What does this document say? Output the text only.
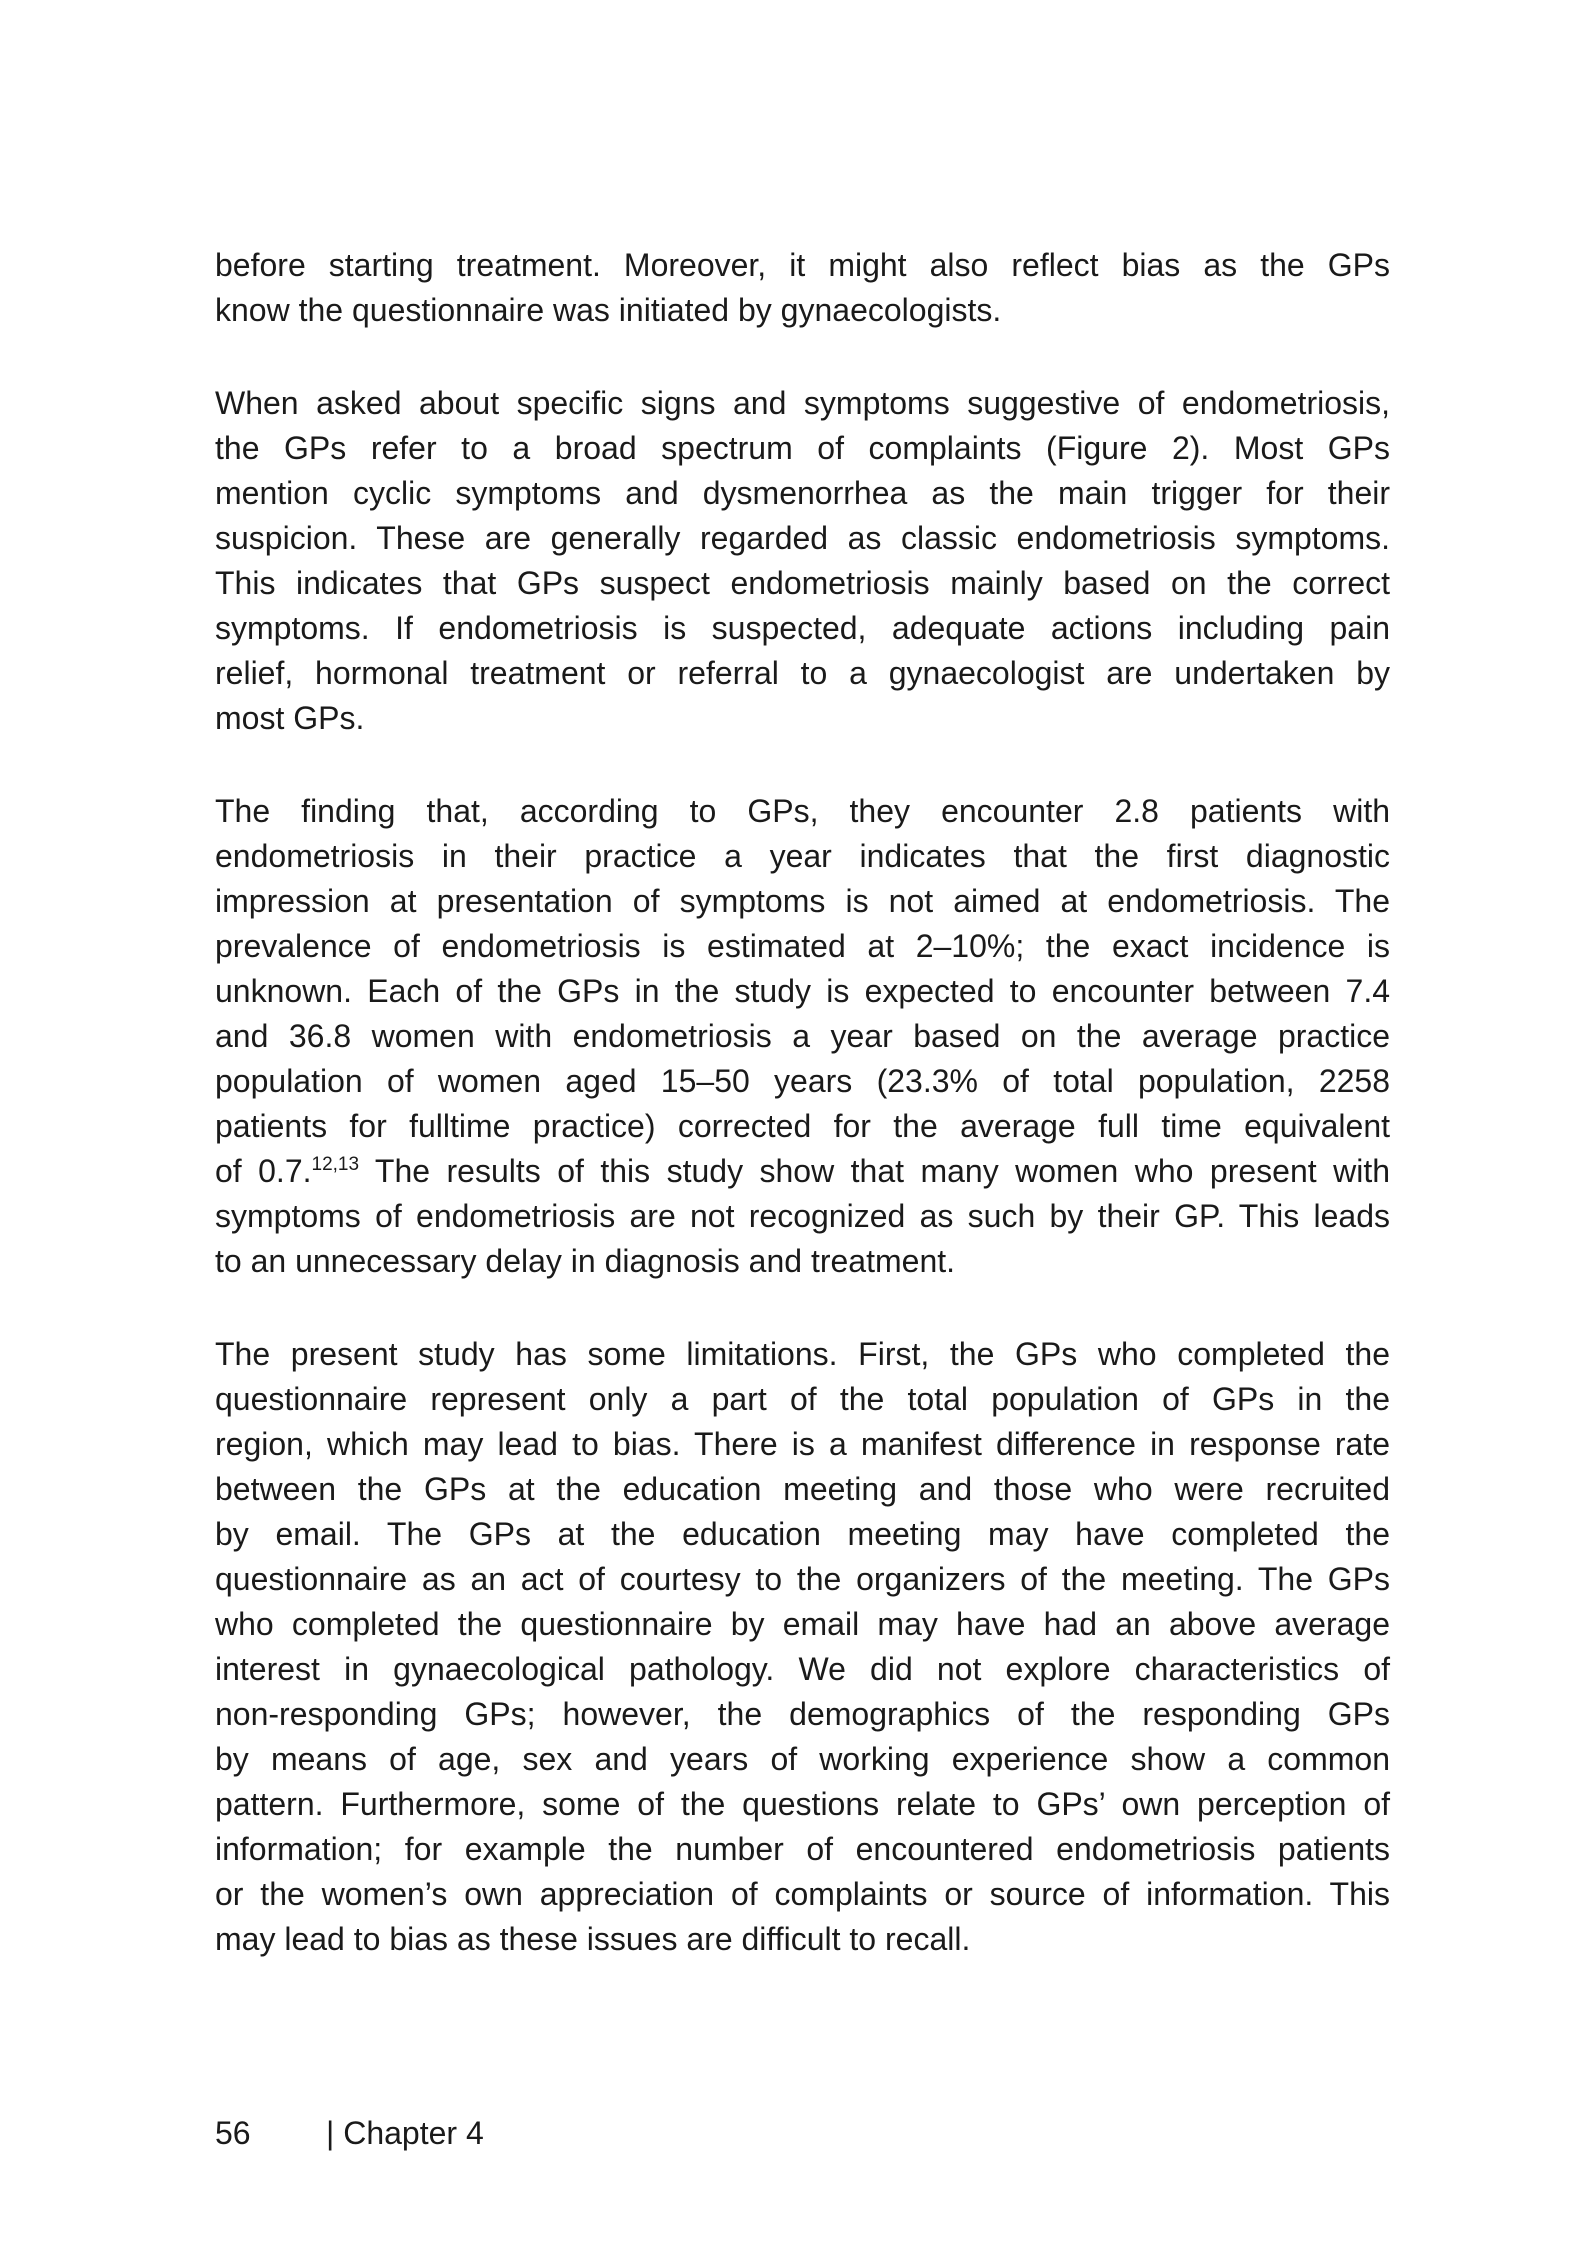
before starting treatment. Moreover, it might also reflect bias as the GPs
know the questionnaire was initiated by gynaecologists.
When asked about specific signs and symptoms suggestive of endometriosis,
the GPs refer to a broad spectrum of complaints (Figure 2). Most GPs
mention cyclic symptoms and dysmenorrhea as the main trigger for their
suspicion. These are generally regarded as classic endometriosis symptoms.
This indicates that GPs suspect endometriosis mainly based on the correct
symptoms. If endometriosis is suspected, adequate actions including pain
relief, hormonal treatment or referral to a gynaecologist are undertaken by
most GPs.
The finding that, according to GPs, they encounter 2.8 patients with
endometriosis in their practice a year indicates that the first diagnostic
impression at presentation of symptoms is not aimed at endometriosis. The
prevalence of endometriosis is estimated at 2–10%; the exact incidence is
unknown. Each of the GPs in the study is expected to encounter between 7.4
and 36.8 women with endometriosis a year based on the average practice
population of women aged 15–50 years (23.3% of total population, 2258
patients for fulltime practice) corrected for the average full time equivalent
of 0.7.$^{12,13}$ The results of this study show that many women who present with
symptoms of endometriosis are not recognized as such by their GP. This leads
to an unnecessary delay in diagnosis and treatment.
The present study has some limitations. First, the GPs who completed the
questionnaire represent only a part of the total population of GPs in the
region, which may lead to bias. There is a manifest difference in response rate
between the GPs at the education meeting and those who were recruited
by email. The GPs at the education meeting may have completed the
questionnaire as an act of courtesy to the organizers of the meeting. The GPs
who completed the questionnaire by email may have had an above average
interest in gynaecological pathology. We did not explore characteristics of
non-responding GPs; however, the demographics of the responding GPs
by means of age, sex and years of working experience show a common
pattern. Furthermore, some of the questions relate to GPs’ own perception of
information; for example the number of encountered endometriosis patients
or the women’s own appreciation of complaints or source of information. This
may lead to bias as these issues are difficult to recall.
56 | Chapter 4
